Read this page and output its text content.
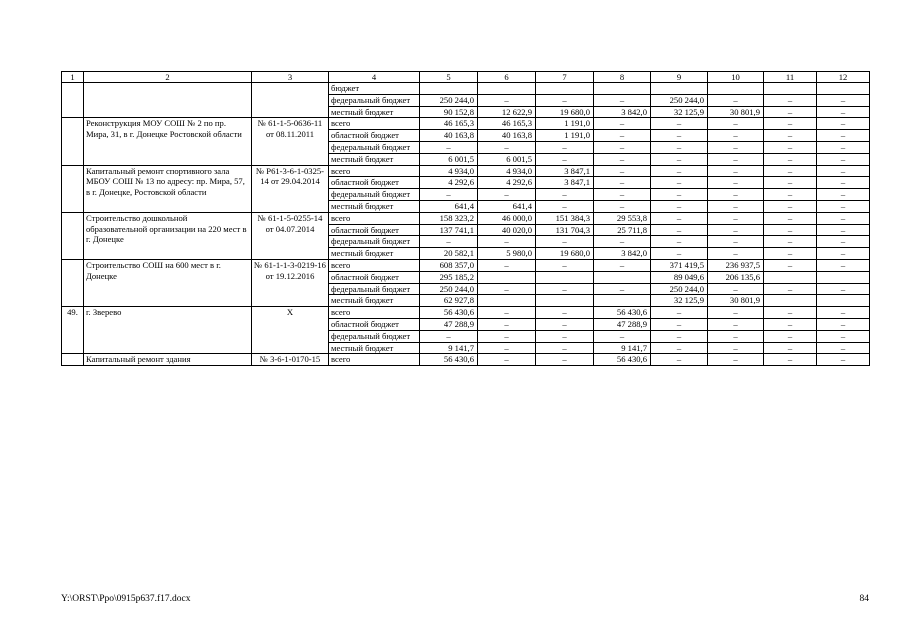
1	2	3	4	5	6	7	8	9	10	11	12
			бюджет								
			федеральный бюджет	250 244,0	–	–	–	250 244,0	–	–	–
			местный бюджет	90 152,8	12 622,9	19 680,0	3 842,0	32 125,9	30 801,9	–	–
	Реконструкция МОУ СОШ № 2 по пр. Мира, 31, в г. Донецке Ростовской области	№ 61-1-5-0636-11 от 08.11.2011	всего	46 165,3	46 165,3	1 191,0	–	–	–	–	–
			областной бюджет	40 163,8	40 163,8	1 191,0	–	–	–	–	–
			федеральный бюджет	–	–	–	–	–	–	–	–
			местный бюджет	6 001,5	6 001,5	–	–	–	–	–	–
	Капитальный ремонт спортивного зала МБОУ СОШ № 13 по адресу: пр. Мира, 57, в г. Донецке, Ростовской области	№ Р61-3-6-1-0325-14 от 29.04.2014	всего	4 934,0	4 934,0	3 847,1	–	–	–	–	–
			областной бюджет	4 292,6	4 292,6	3 847,1	–	–	–	–	–
			федеральный бюджет	–	–	–	–	–	–	–	–
			местный бюджет	641,4	641,4	–	–	–	–	–	–
	Строительство дошкольной образовательной организации на 220 мест в г. Донецке	№ 61-1-5-0255-14 от 04.07.2014	всего	158 323,2	46 000,0	151 384,3	29 553,8	–	–	–	–
			областной бюджет	137 741,1	40 020,0	131 704,3	25 711,8	–	–	–	–
			федеральный бюджет	–	–	–	–	–	–	–	–
			местный бюджет	20 582,1	5 980,0	19 680,0	3 842,0	–	–	–	–
	Строительство СОШ на 600 мест в г. Донецке	№ 61-1-1-3-0219-16 от 19.12.2016	всего	608 357,0	–	–	–	371 419,5	236 937,5	–	–
			областной бюджет	295 185,2				89 049,6	206 135,6		
			федеральный бюджет	250 244,0	–	–	–	250 244,0	–	–	–
			местный бюджет	62 927,8				32 125,9	30 801,9		
49.	г. Зверево	Х	всего	56 430,6	–	–	56 430,6	–	–	–	–
			областной бюджет	47 288,9	–	–	47 288,9	–	–	–	–
			федеральный бюджет	–	–	–	–	–	–	–	–
			местный бюджет	9 141,7	–	–	9 141,7	–	–	–	–
	Капитальный ремонт здания	№ 3-6-1-0170-15	всего	56 430,6	–	–	56 430,6	–	–	–	–
Y:\ORST\Ppo\0915p637.f17.docx	84
